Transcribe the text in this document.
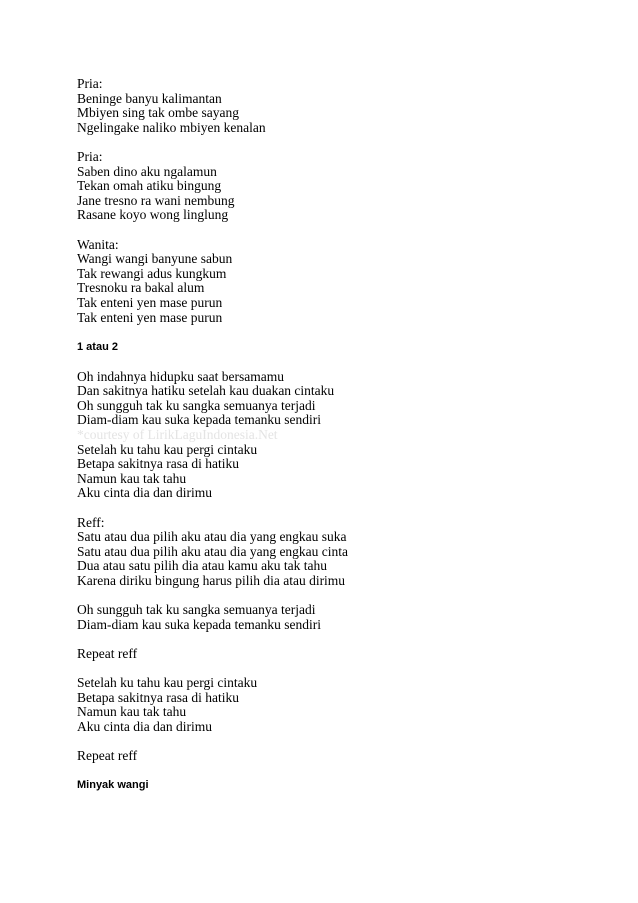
Pria:
Beninge banyu kalimantan
Mbiyen sing tak ombe sayang
Ngelingake naliko mbiyen kenalan
Pria:
Saben dino aku ngalamun
Tekan omah atiku bingung
Jane tresno ra wani nembung
Rasane koyo wong linglung
Wanita:
Wangi wangi banyune sabun
Tak rewangi adus kungkum
Tresnoku ra bakal alum
Tak enteni yen mase purun
Tak enteni yen mase purun
1 atau 2
Oh indahnya hidupku saat bersamamu
Dan sakitnya hatiku setelah kau duakan cintaku
Oh sungguh tak ku sangka semuanya terjadi
Diam-diam kau suka kepada temanku sendiri
*courtesy of LirikLaguIndonesia.Net
Setelah ku tahu kau pergi cintaku
Betapa sakitnya rasa di hatiku
Namun kau tak tahu
Aku cinta dia dan dirimu
Reff:
Satu atau dua pilih aku atau dia yang engkau suka
Satu atau dua pilih aku atau dia yang engkau cinta
Dua atau satu pilih dia atau kamu aku tak tahu
Karena diriku bingung harus pilih dia atau dirimu
Oh sungguh tak ku sangka semuanya terjadi
Diam-diam kau suka kepada temanku sendiri
Repeat reff
Setelah ku tahu kau pergi cintaku
Betapa sakitnya rasa di hatiku
Namun kau tak tahu
Aku cinta dia dan dirimu
Repeat reff
Minyak wangi
